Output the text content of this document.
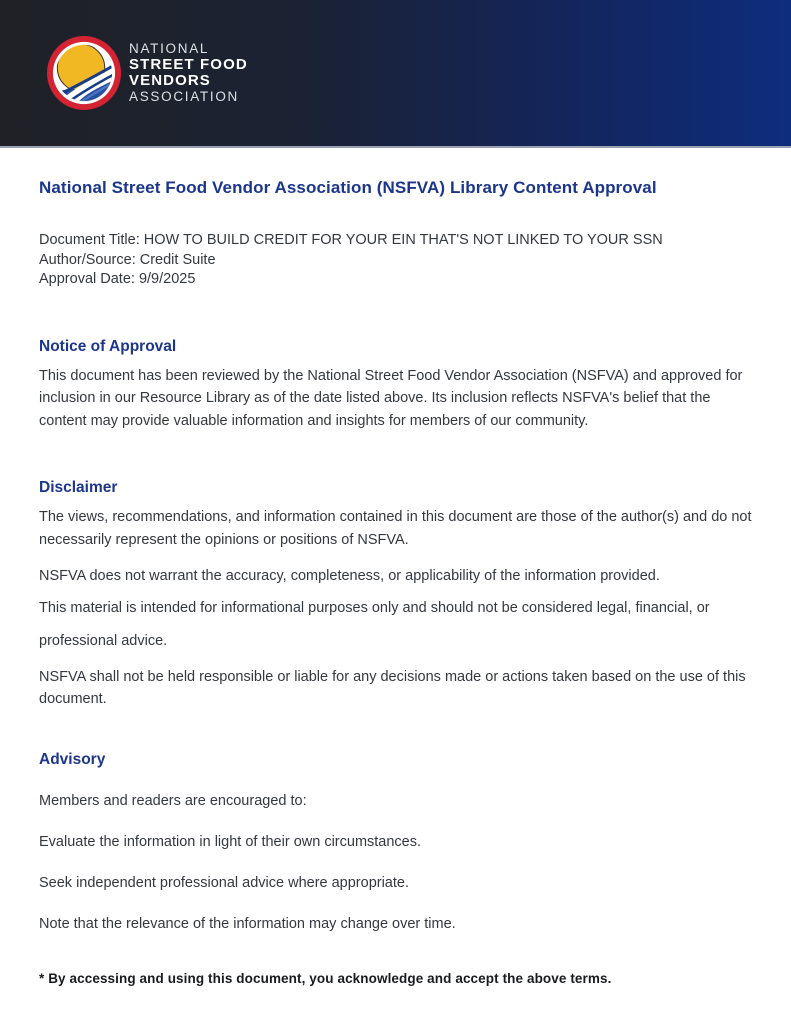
NATIONAL
STREET FOOD
VENDORS
ASSOCIATION
National Street Food Vendor Association (NSFVA) Library Content Approval
Document Title: HOW TO BUILD CREDIT FOR YOUR EIN THAT'S NOT LINKED TO YOUR SSN
Author/Source: Credit Suite
Approval Date: 9/9/2025
Notice of Approval

This document has been reviewed by the National Street Food Vendor Association (NSFVA) and approved for inclusion in our Resource Library as of the date listed above. Its inclusion reflects NSFVA's belief that the content may provide valuable information and insights for members of our community.

Disclaimer

The views, recommendations, and information contained in this document are those of the author(s) and do not necessarily represent the opinions or positions of NSFVA.

NSFVA does not warrant the accuracy, completeness, or applicability of the information provided.

This material is intended for informational purposes only and should not be considered legal, financial, or professional advice.

NSFVA shall not be held responsible or liable for any decisions made or actions taken based on the use of this document.

Advisory

Members and readers are encouraged to:

Evaluate the information in light of their own circumstances.

Seek independent professional advice where appropriate.

Note that the relevance of the information may change over time.

* By accessing and using this document, you acknowledge and accept the above terms.
